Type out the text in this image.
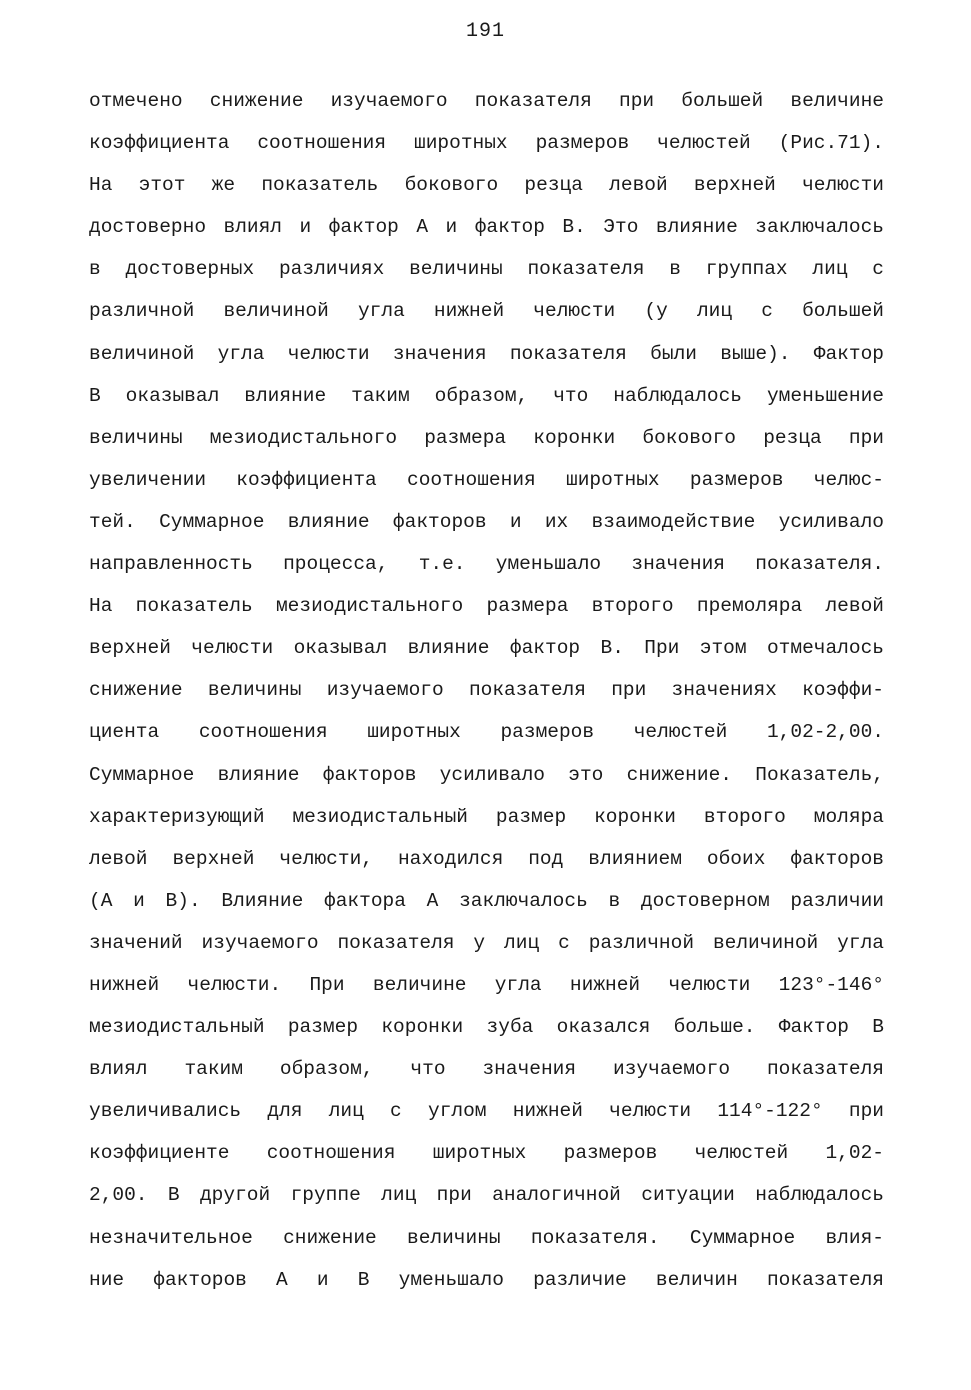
191
отмечено снижение изучаемого показателя при большей величине
коэффициента соотношения широтных размеров челюстей (Рис.71).
На этот же показатель бокового резца левой верхней челюсти
достоверно влиял и фактор А и фактор В. Это влияние заключалось
в достоверных различиях величины показателя в группах лиц с
различной величиной угла нижней челюсти (у лиц с большей
величиной угла челюсти значения показателя были выше). Фактор
В оказывал влияние таким образом, что наблюдалось уменьшение
величины мезиодистального размера коронки бокового резца при
увеличении коэффициента соотношения широтных размеров челюс-
тей. Суммарное влияние факторов и их взаимодействие усиливало
направленность процесса, т.е. уменьшало значения показателя.
На показатель мезиодистального размера второго премоляра левой
верхней челюсти оказывал влияние фактор В. При этом отмечалось
снижение величины изучаемого показателя при значениях коэффи-
циента соотношения широтных размеров челюстей 1,02-2,00.
Суммарное влияние факторов усиливало это снижение. Показатель,
характеризующий мезиодистальный размер коронки второго моляра
левой верхней челюсти, находился под влиянием обоих факторов
(А и В). Влияние фактора А заключалось в достоверном различии
значений изучаемого показателя у лиц с различной величиной угла
нижней челюсти. При величине угла нижней челюсти 123°-146°
мезиодистальный размер коронки зуба оказался больше. Фактор В
влиял таким образом, что значения изучаемого показателя
увеличивались для лиц с углом нижней челюсти 114°-122° при
коэффициенте соотношения широтных размеров челюстей 1,02-
2,00. В другой группе лиц при аналогичной ситуации наблюдалось
незначительное снижение величины показателя. Суммарное влия-
ние факторов А и В уменьшало различие величин показателя
